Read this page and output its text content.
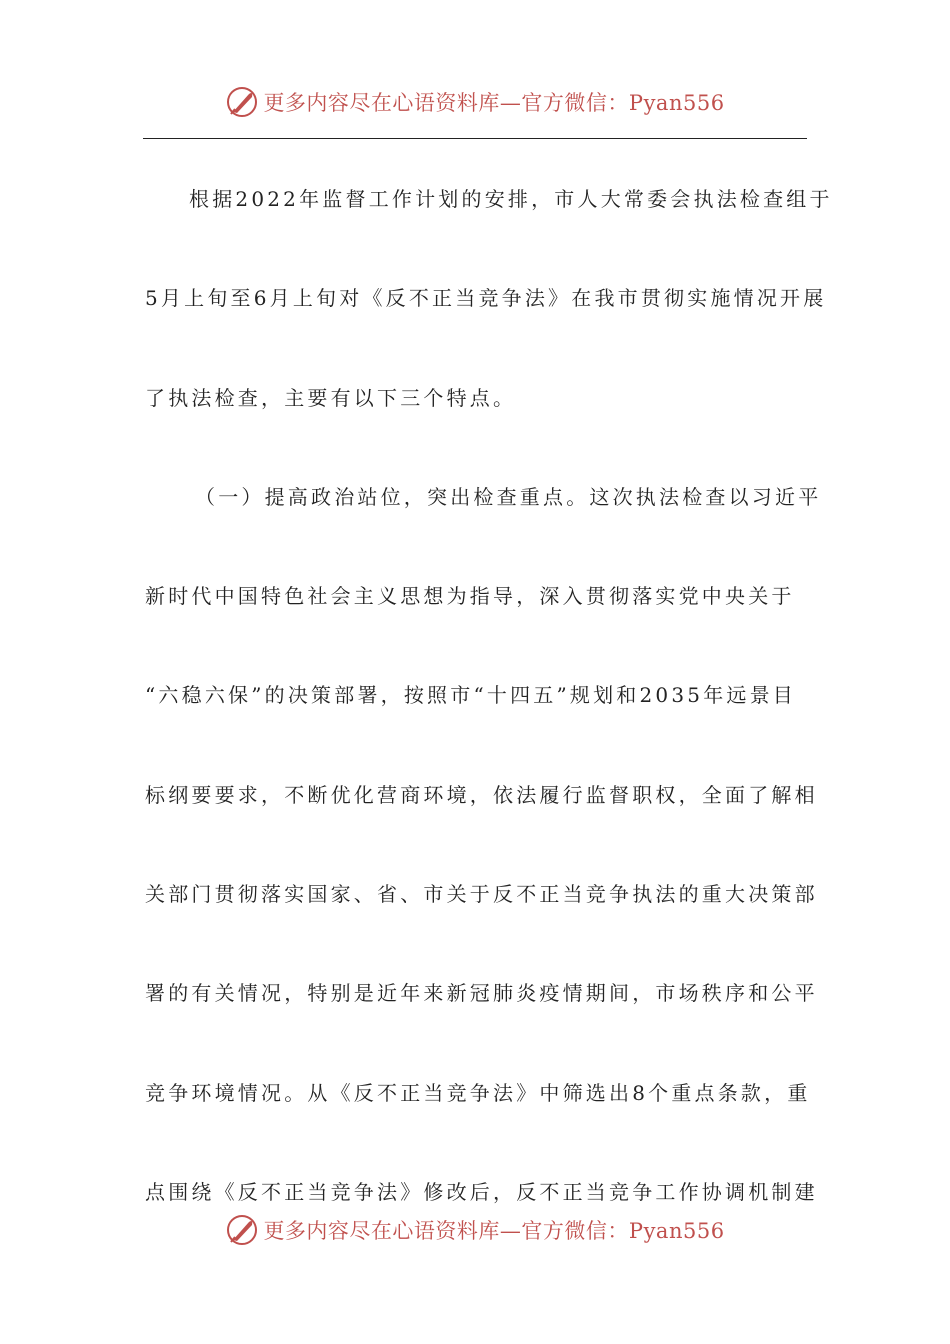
更多内容尽在心语资料库—官方微信：Pyan556
根据2022年监督工作计划的安排，市人大常委会执法检查组于
5月上旬至6月上旬对《反不正当竞争法》在我市贯彻实施情况开展
了执法检查，主要有以下三个特点。
（一）提高政治站位，突出检查重点。这次执法检查以习近平
新时代中国特色社会主义思想为指导，深入贯彻落实党中央关于
“六稳六保”的决策部署，按照市“十四五”规划和2035年远景目
标纲要要求，不断优化营商环境，依法履行监督职权，全面了解相
关部门贯彻落实国家、省、市关于反不正当竞争执法的重大决策部
署的有关情况，特别是近年来新冠肺炎疫情期间，市场秩序和公平
竞争环境情况。从《反不正当竞争法》中筛选出8个重点条款，重
点围绕《反不正当竞争法》修改后，反不正当竞争工作协调机制建
更多内容尽在心语资料库—官方微信：Pyan556
